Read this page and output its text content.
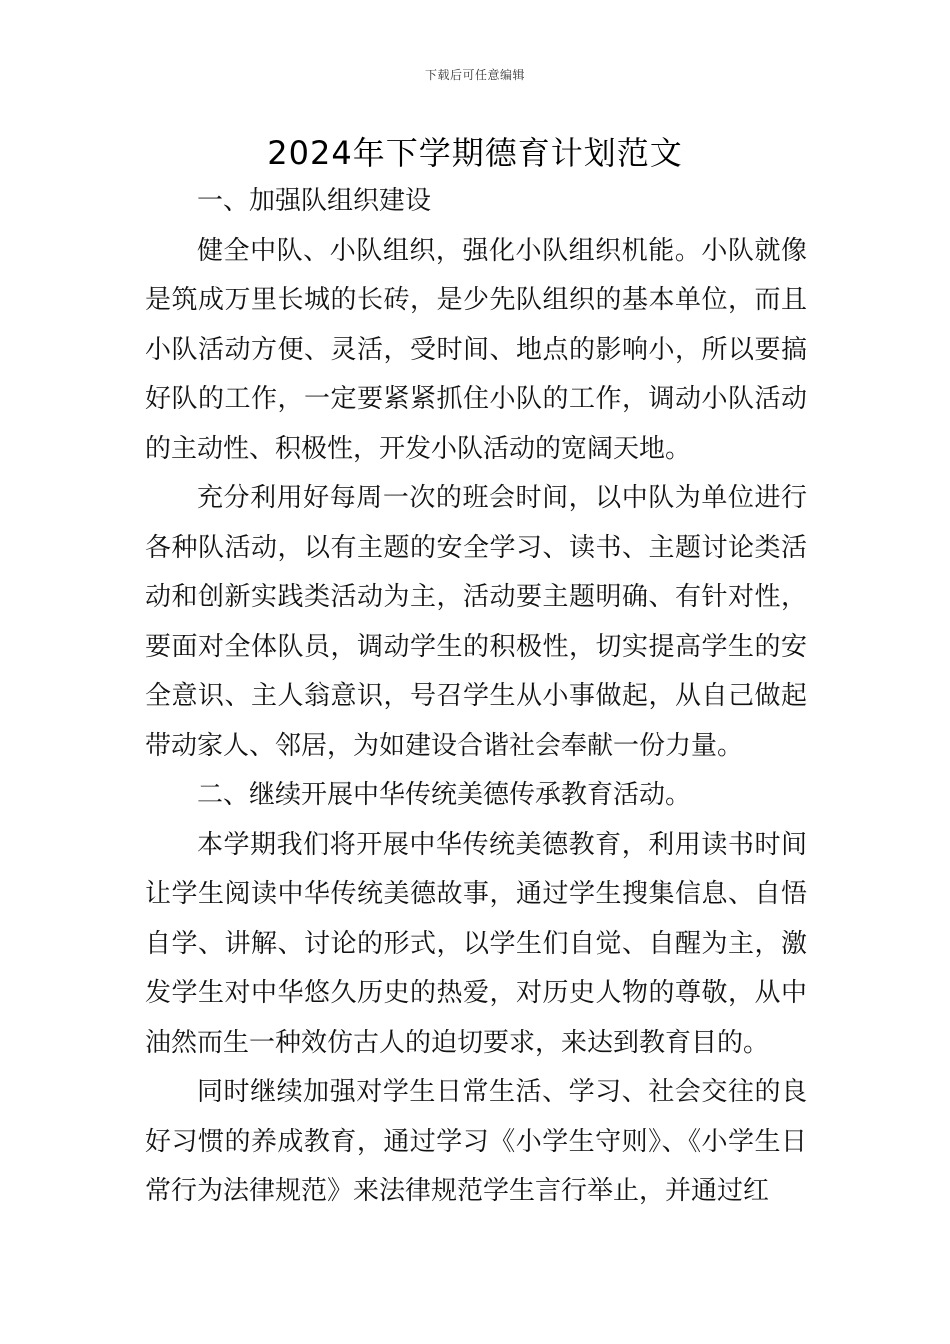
下载后可任意编辑
2024年下学期德育计划范文

一、加强队组织建设

健全中队、小队组织，强化小队组织机能。小队就像是筑成万里长城的长砖，是少先队组织的基本单位，而且小队活动方便、灵活，受时间、地点的影响小，所以要搞好队的工作，一定要紧紧抓住小队的工作，调动小队活动的主动性、积极性，开发小队活动的宽阔天地。

充分利用好每周一次的班会时间，以中队为单位进行各种队活动，以有主题的安全学习、读书、主题讨论类活动和创新实践类活动为主，活动要主题明确、有针对性，要面对全体队员，调动学生的积极性，切实提高学生的安全意识、主人翁意识，号召学生从小事做起，从自己做起带动家人、邻居，为如建设合谐社会奉献一份力量。

二、继续开展中华传统美德传承教育活动。

本学期我们将开展中华传统美德教育，利用读书时间让学生阅读中华传统美德故事，通过学生搜集信息、自悟自学、讲解、讨论的形式，以学生们自觉、自醒为主，激发学生对中华悠久历史的热爱，对历史人物的尊敬，从中油然而生一种效仿古人的迫切要求，来达到教育目的。

同时继续加强对学生日常生活、学习、社会交往的良好习惯的养成教育，通过学习《小学生守则》、《小学生日常行为法律规范》来法律规范学生言行举止，并通过红
